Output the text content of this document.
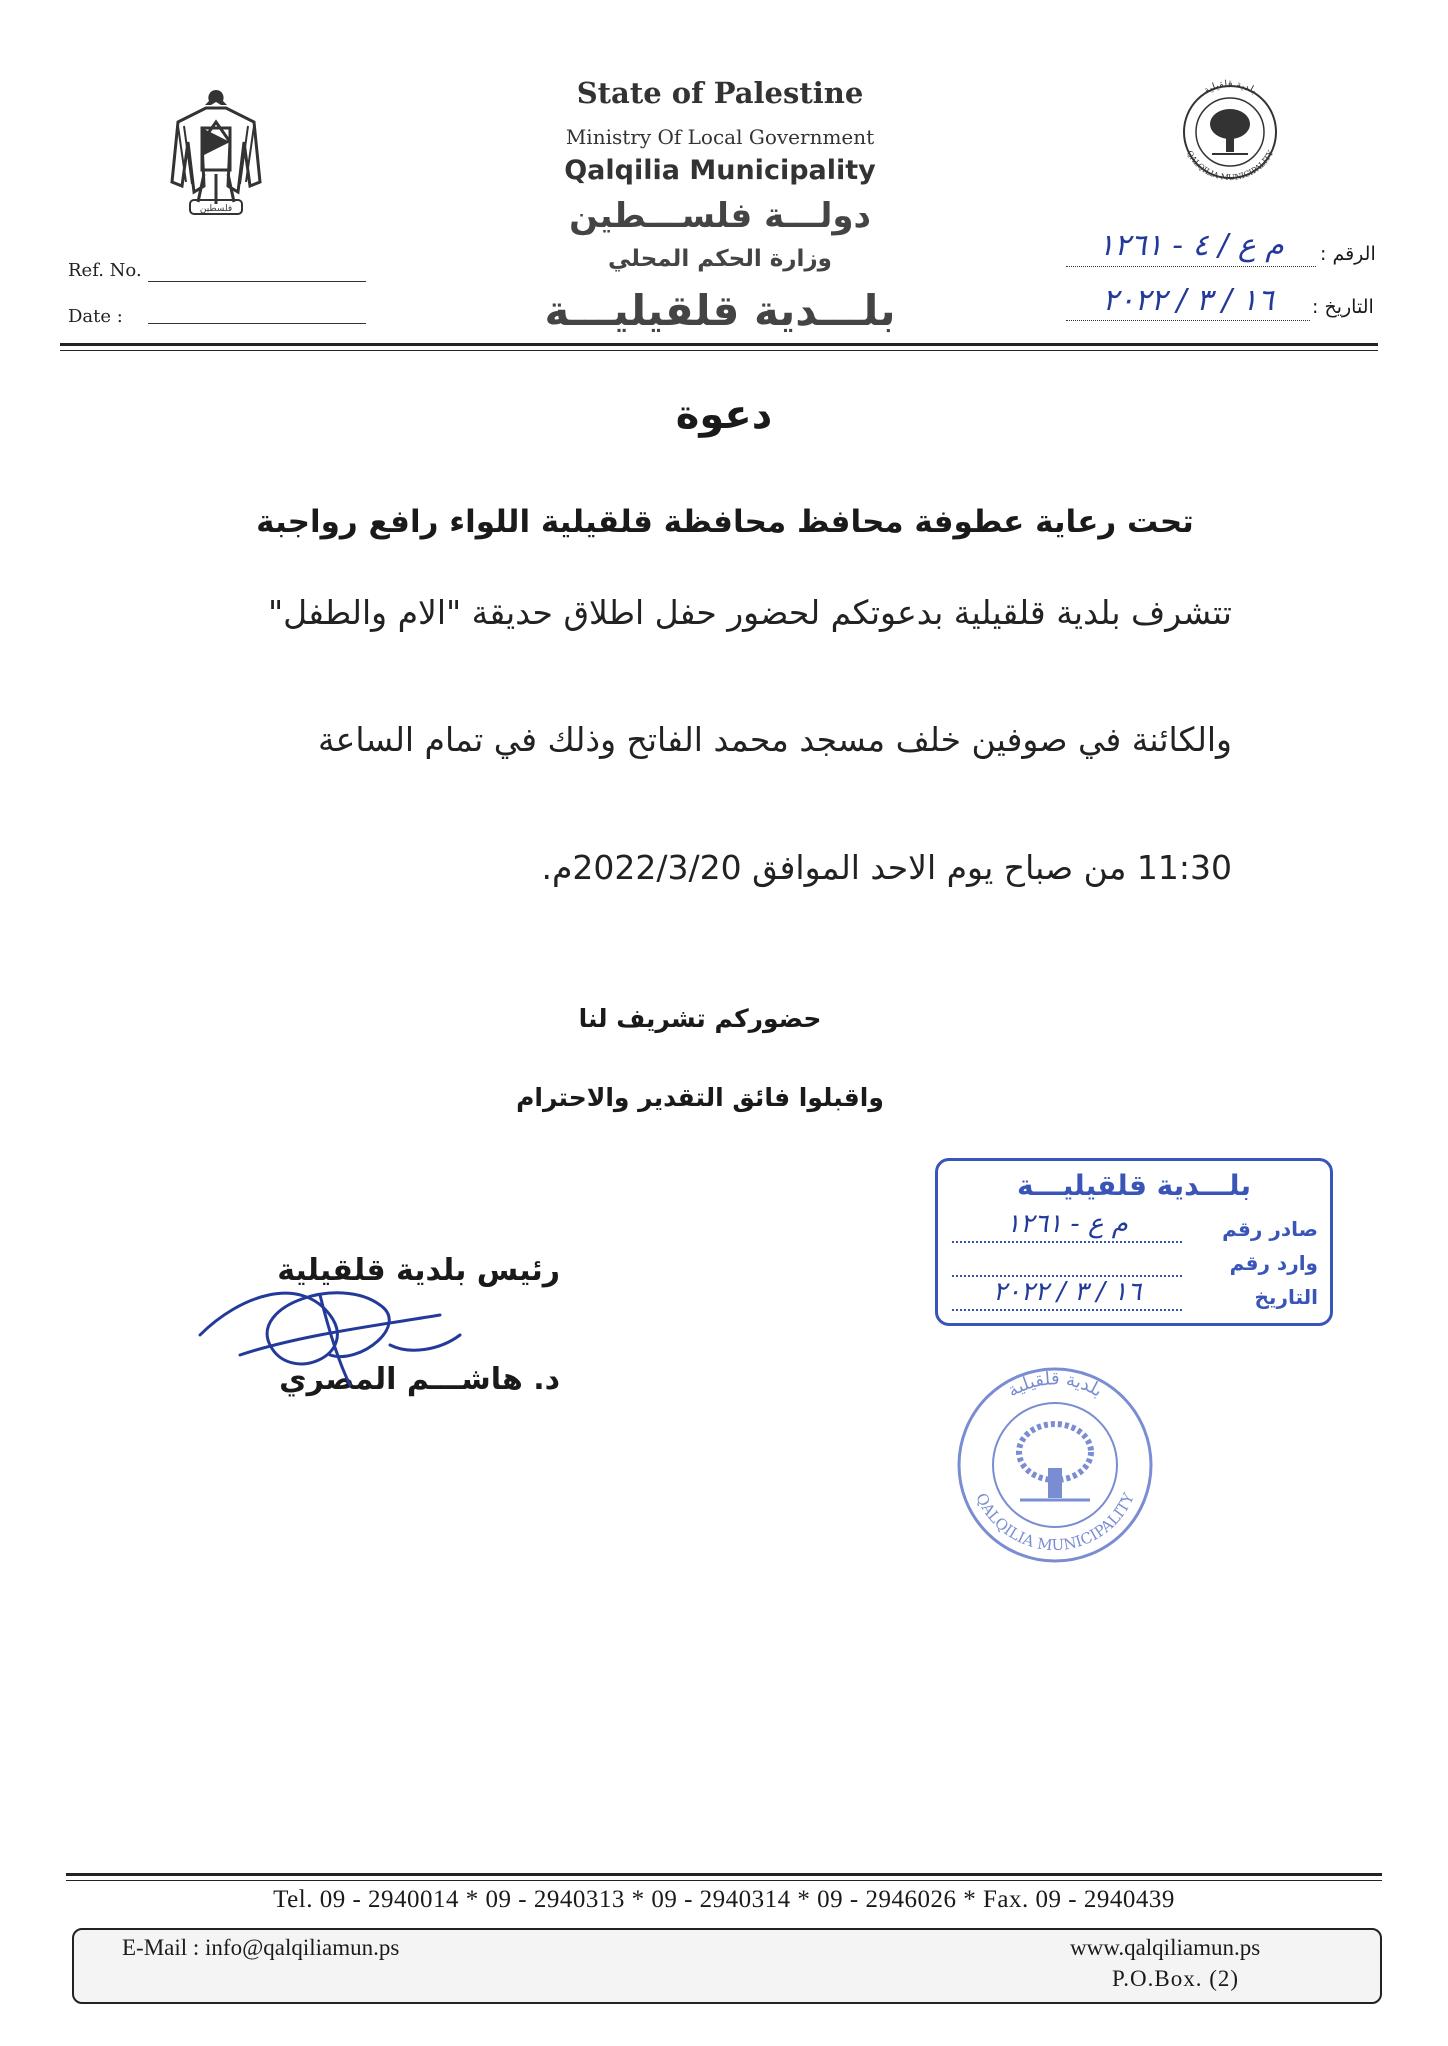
فلسطين
بلدية قلقيلية
QALQILIA MUNICIPALITY
State of Palestine
Ministry Of Local Government
Qalqilia Municipality
دولـــة فلســـطين
وزارة الحكم المحلي
بلـــدية قلقيليـــة
Ref. No.
Date :
الرقم :
م ع / ٤ - ١٢٦١
التاريخ :
١٦ / ٣ / ٢٠٢٢
دعوة
تحت رعاية عطوفة محافظ محافظة قلقيلية اللواء رافع رواجبة
تتشرف بلدية قلقيلية بدعوتكم لحضور حفل اطلاق حديقة "الام والطفل"
والكائنة في صوفين خلف مسجد محمد الفاتح وذلك في تمام الساعة
11:30 من صباح يوم الاحد الموافق 2022/3/20م.
حضوركم تشريف لنا
واقبلوا فائق التقدير والاحترام
رئيس بلدية قلقيلية
د. هاشـــم المصري
بلـــدية قلقيليـــة
صادر رقم
وارد رقم
التاريخ
م ع - ١٢٦١
١٦ / ٣ / ٢٠٢٢
بلدية قلقيلية
QALQILIA MUNICIPALITY
Tel. 09 - 2940014 * 09 - 2940313 * 09 - 2940314 * 09 - 2946026 * Fax. 09 - 2940439
E-Mail : info@qalqiliamun.ps	www.qalqiliamun.ps
P.O.Box. (2)
